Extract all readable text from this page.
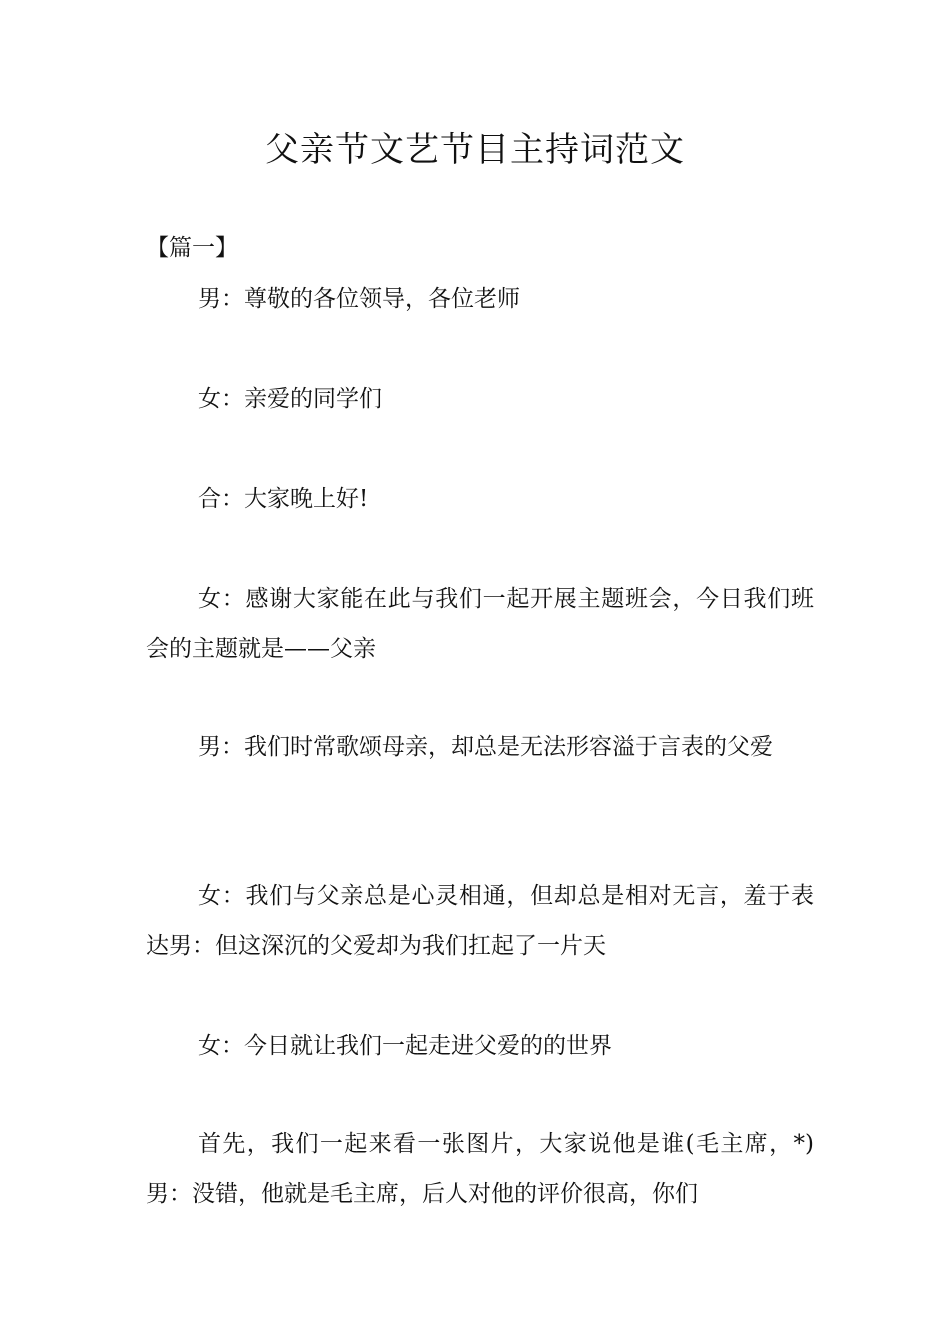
父亲节文艺节目主持词范文

【篇一】

男：尊敬的各位领导，各位老师

女：亲爱的同学们

合：大家晚上好!

女：感谢大家能在此与我们一起开展主题班会，今日我们班会的主题就是——父亲

男：我们时常歌颂母亲，却总是无法形容溢于言表的父爱

女：我们与父亲总是心灵相通，但却总是相对无言，羞于表达男：但这深沉的父爱却为我们扛起了一片天

女：今日就让我们一起走进父爱的的世界

首先，我们一起来看一张图片，大家说他是谁(毛主席，*)男：没错，他就是毛主席，后人对他的评价很高，你们
